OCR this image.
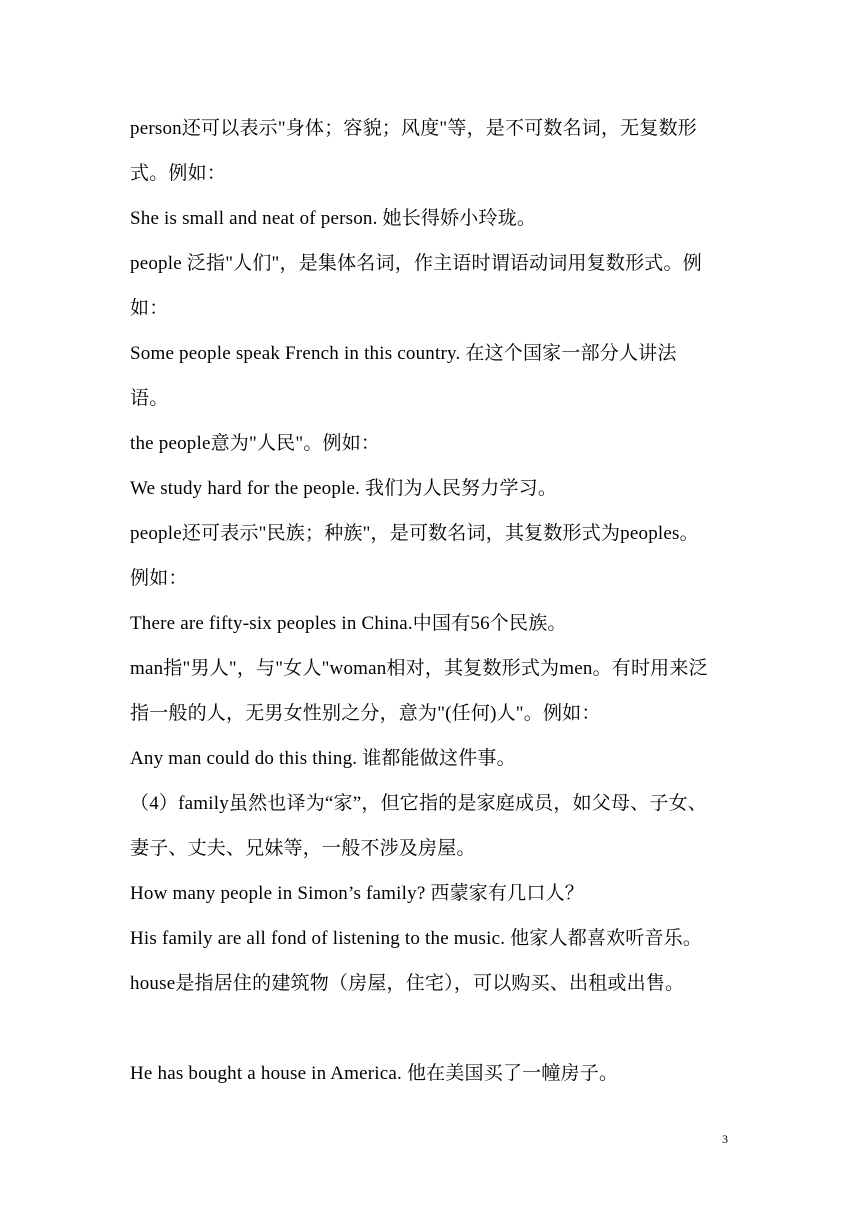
person还可以表示"身体；容貌；风度"等，是不可数名词，无复数形
式。例如：
She is small and neat of person. 她长得娇小玲珑。
people 泛指"人们"，是集体名词，作主语时谓语动词用复数形式。例
如：
Some people speak French in this country. 在这个国家一部分人讲法
语。
the people意为"人民"。例如：
We study hard for the people. 我们为人民努力学习。
people还可表示"民族；种族"，是可数名词，其复数形式为peoples。
例如：
There are fifty-six peoples in China.中国有56个民族。
man指"男人"，与"女人"woman相对，其复数形式为men。有时用来泛
指一般的人，无男女性别之分，意为"(任何)人"。例如：
Any man could do this thing. 谁都能做这件事。
（4）family虽然也译为“家”，但它指的是家庭成员，如父母、子女、
妻子、丈夫、兄妹等，一般不涉及房屋。
How many people in Simon’s family? 西蒙家有几口人？
His family are all fond of listening to the music. 他家人都喜欢听音乐。
house是指居住的建筑物（房屋，住宅），可以购买、出租或出售。
He has bought a house in America. 他在美国买了一幢房子。
3
